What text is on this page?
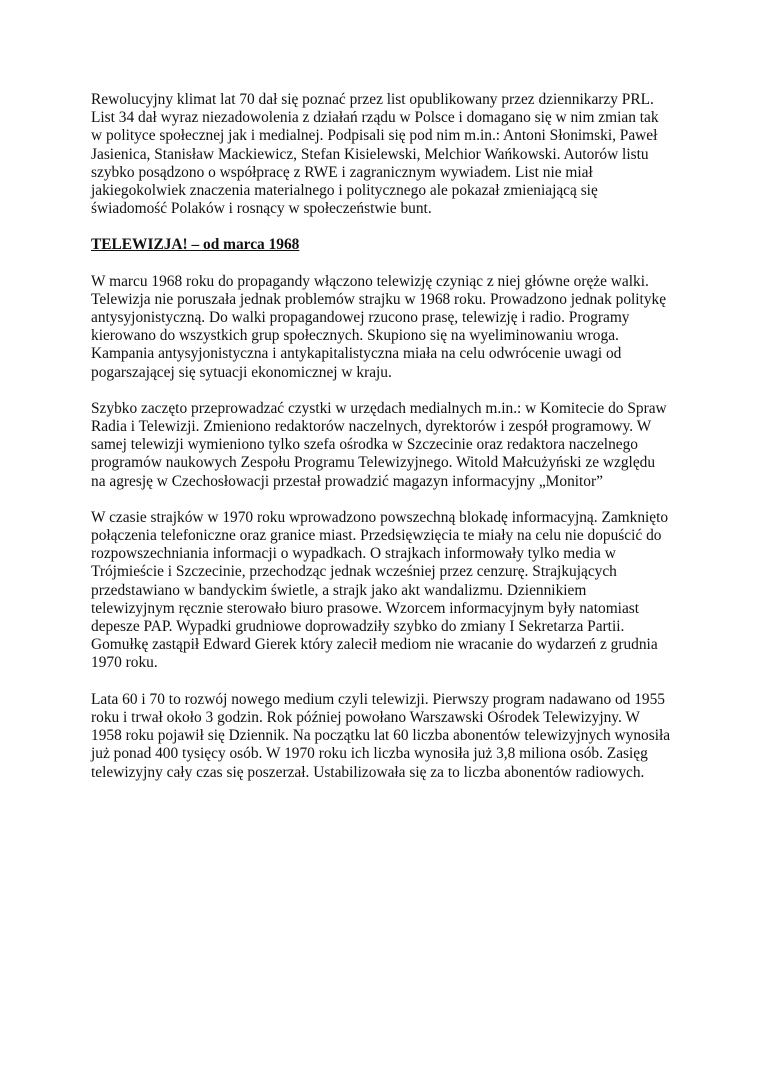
Rewolucyjny klimat lat 70 dał się poznać przez list opublikowany przez dziennikarzy PRL.
List 34 dał wyraz niezadowolenia z działań rządu w Polsce i domagano się w nim zmian tak
w polityce społecznej jak i medialnej. Podpisali się pod nim m.in.: Antoni Słonimski, Paweł
Jasienica, Stanisław Mackiewicz, Stefan Kisielewski, Melchior Wańkowski. Autorów listu
szybko posądzono o współpracę z RWE i zagranicznym wywiadem. List nie miał
jakiegokolwiek znaczenia materialnego i politycznego ale pokazał zmieniającą się
świadomość Polaków i rosnący w społeczeństwie bunt.
TELEWIZJA! – od marca 1968
W marcu 1968 roku do propagandy włączono telewizję czyniąc z niej główne oręże walki.
Telewizja nie poruszała jednak problemów strajku w 1968 roku. Prowadzono jednak politykę
antysyjonistyczną. Do walki propagandowej rzucono prasę, telewizję i radio. Programy
kierowano do wszystkich grup społecznych. Skupiono się na wyeliminowaniu wroga.
Kampania antysyjonistyczna i antykapitalistyczna miała na celu odwrócenie uwagi od
pogarszającej się sytuacji ekonomicznej w kraju.
Szybko zaczęto przeprowadzać czystki w urzędach medialnych m.in.: w Komitecie do Spraw
Radia i Telewizji. Zmieniono redaktorów naczelnych, dyrektorów i zespół programowy. W
samej telewizji wymieniono tylko szefa ośrodka w Szczecinie oraz redaktora naczelnego
programów naukowych Zespołu Programu Telewizyjnego. Witold Małcużyński ze względu
na agresję w Czechosłowacji przestał prowadzić magazyn informacyjny „Monitor”
W czasie strajków w 1970 roku wprowadzono powszechną blokadę informacyjną. Zamknięto
połączenia telefoniczne oraz granice miast. Przedsięwzięcia te miały na celu nie dopuścić do
rozpowszechniania informacji o wypadkach. O strajkach informowały tylko media w
Trójmieście i Szczecinie, przechodząc jednak wcześniej przez cenzurę. Strajkujących
przedstawiano w bandyckim świetle, a strajk jako akt wandalizmu. Dziennikiem
telewizyjnym ręcznie sterowało biuro prasowe. Wzorcem informacyjnym były natomiast
depesze PAP. Wypadki grudniowe doprowadziły szybko do zmiany I Sekretarza Partii.
Gomułkę zastąpił Edward Gierek który zalecił mediom nie wracanie do wydarzeń z grudnia
1970 roku.
Lata 60 i 70 to rozwój nowego medium czyli telewizji. Pierwszy program nadawano od 1955
roku i trwał około 3 godzin. Rok później powołano Warszawski Ośrodek Telewizyjny. W
1958 roku pojawił się Dziennik. Na początku lat 60 liczba abonentów telewizyjnych wynosiła
już ponad 400 tysięcy osób. W 1970 roku ich liczba wynosiła już 3,8 miliona osób. Zasięg
telewizyjny cały czas się poszerzał. Ustabilizowała się za to liczba abonentów radiowych.
